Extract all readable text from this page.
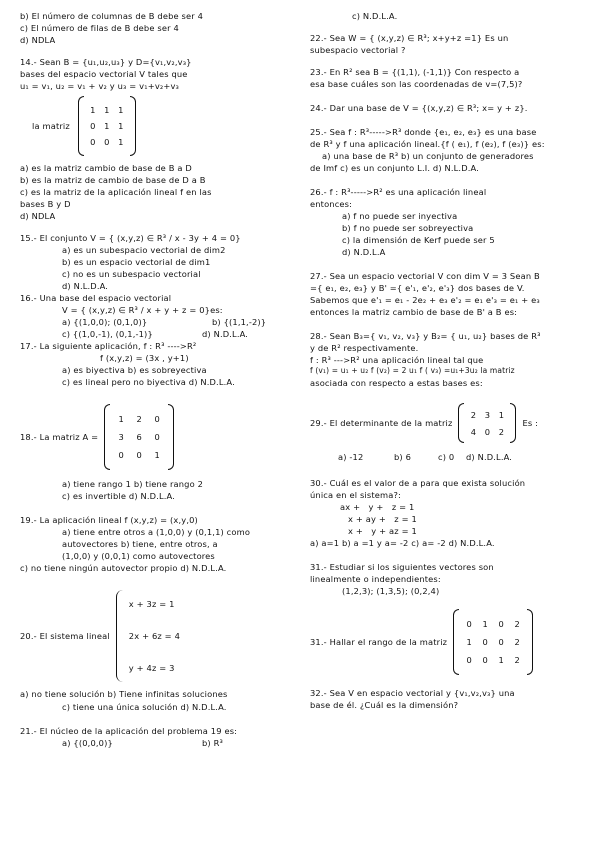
b) El número de columnas de B debe ser 4
c) El número de filas de B debe ser 4
d) NDLA
14.- Sean B = {u₁,u₂,u₃} y D={v₁,v₂,v₃}
bases del espacio vectorial V tales que
u₁ = v₁, u₂ = v₁ + v₂ y u₃ = v₁+v₂+v₃
la matriz
1	1	1
0	1	1
0	0	1
a) es la matriz cambio de base de B a D
b) es la matriz de cambio de base de D a B
c) es la matriz de la aplicación lineal f en las
bases B y D
d) NDLA
15.- El conjunto V = { (x,y,z) ∈ R³ / x - 3y + 4 = 0}
a) es un subespacio vectorial de dim2
b) es un espacio vectorial de dim1
c) no es un subespacio vectorial
d) N.L.D.A.
16.- Una base del espacio vectorial
V = { (x,y,z) ∈ R³ / x + y + z = 0}es:
a) {(1,0,0); (0,1,0)}	b) {(1,1,-2)}
c) {(1,0,-1), (0,1,-1)}	d) N.D.L.A.
17.- La siguiente aplicación, f : R³ ---->R²
f (x,y,z) = (3x , y+1)
a) es biyectiva b) es sobreyectiva
c) es lineal pero no biyectiva d) N.D.L.A.
18.- La matriz A =
1	2	0
3	6	0
0	0	1
a) tiene rango 1 b) tiene rango 2
c) es invertible d) N.D.L.A.
19.- La aplicación lineal f (x,y,z) = (x,y,0)
a) tiene entre otros a (1,0,0) y (0,1,1) como
autovectores b) tiene, entre otros, a
(1,0,0) y (0,0,1) como autovectores
c) no tiene ningún autovector propio d) N.D.L.A.
20.- El sistema lineal
x + 3z = 1
2x + 6z = 4
y + 4z = 3
a) no tiene solución b) Tiene infinitas soluciones
c) tiene una única solución d) N.D.L.A.
21.- El núcleo de la aplicación del problema 19 es:
a) {(0,0,0)}	b) R³
c) N.D.L.A.
22.- Sea W = { (x,y,z) ∈ R³; x+y+z =1} Es un
subespacio vectorial ?
23.- En R² sea B = {(1,1), (-1,1)} Con respecto a
esa base cuáles son las coordenadas de v=(7,5)?
24.- Dar una base de V = {(x,y,z) ∈ R³; x= y + z}.
25.- Sea f : R³----->R³ donde {e₁, e₂, e₃} es una base
de R³ y f una aplicación lineal.{f ( e₁), f (e₂), f (e₃)} es:
a) una base de R³ b) un conjunto de generadores
de Imf c) es un conjunto L.I. d) N.L.D.A.
26.- f : R³----->R² es una aplicación lineal
entonces:
a) f no puede ser inyectiva
b) f no puede ser sobreyectiva
c) la dimensión de Kerf puede ser 5
d) N.D.L.A
27.- Sea un espacio vectorial V con dim V = 3 Sean B
={ e₁, e₂, e₃} y B' ={ e'₁, e'₂, e'₃} dos bases de V.
Sabemos que e'₁ = e₁ - 2e₂ + e₃ e'₂ = e₁ e'₃ = e₁ + e₃
entonces la matriz cambio de base de B' a B es:
28.- Sean B₃={ v₁, v₂, v₃} y B₂= { u₁, u₂} bases de R³
y de R² respectivamente.
f : R³ --->R² una aplicación lineal tal que
f (v₁) = u₁ + u₂ f (v₂) = 2 u₁ f ( v₃) =u₁+3u₂ la matriz
asociada con respecto a estas bases es:
29.- El determinante de la matriz
2	3	1
4	0	2
Es :
a) -12	b) 6	c) 0	d) N.D.L.A.
30.- Cuál es el valor de a para que exista solución
única en el sistema?:
ax +   y +   z = 1
x + ay +   z = 1
x +   y + az = 1
a) a=1 b) a =1 y a= -2 c) a= -2 d) N.D.L.A.
31.- Estudiar si los siguientes vectores son
linealmente o independientes:
(1,2,3); (1,3,5); (0,2,4)
31.- Hallar el rango de la matriz
0	1	0	2
1	0	0	2
0	0	1	2
32.- Sea V en espacio vectorial y {v₁,v₂,v₃} una
base de él. ¿Cuál es la dimensión?
